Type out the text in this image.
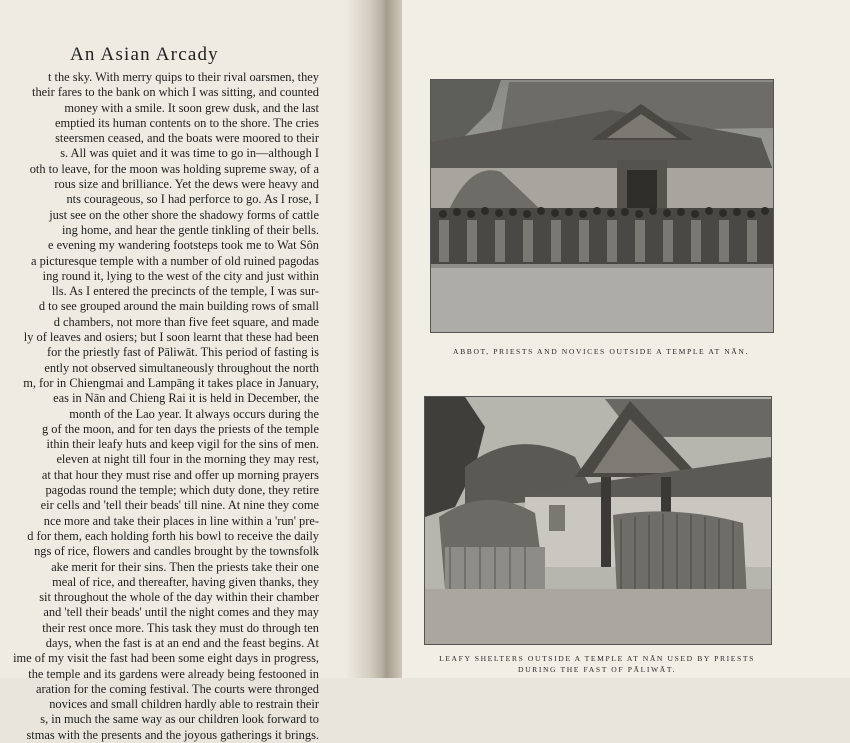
An Asian Arcady
t the sky. With merry quips to their rival oarsmen, they
their fares to the bank on which I was sitting, and counted
money with a smile. It soon grew dusk, and the last
emptied its human contents on to the shore. The cries
steersmen ceased, and the boats were moored to their
s. All was quiet and it was time to go in—although I
oth to leave, for the moon was holding supreme sway, of a
rous size and brilliance. Yet the dews were heavy and
nts courageous, so I had perforce to go. As I rose, I
just see on the other shore the shadowy forms of cattle
ing home, and hear the gentle tinkling of their bells.
e evening my wandering footsteps took me to Wat Sôn
a picturesque temple with a number of old ruined pagodas
ing round it, lying to the west of the city and just within
lls. As I entered the precincts of the temple, I was sur-
d to see grouped around the main building rows of small
d chambers, not more than five feet square, and made
ly of leaves and osiers; but I soon learnt that these had been
for the priestly fast of Pāliwāt. This period of fasting is
ently not observed simultaneously throughout the north
m, for in Chiengmai and Lampāng it takes place in January,
eas in Nān and Chieng Rai it is held in December, the
month of the Lao year. It always occurs during the
g of the moon, and for ten days the priests of the temple
ithin their leafy huts and keep vigil for the sins of men.
eleven at night till four in the morning they may rest,
at that hour they must rise and offer up morning prayers
pagodas round the temple; which duty done, they retire
eir cells and 'tell their beads' till nine. At nine they come
nce more and take their places in line within a 'run' pre-
d for them, each holding forth his bowl to receive the daily
ngs of rice, flowers and candles brought by the townsfolk
ake merit for their sins. Then the priests take their one
meal of rice, and thereafter, having given thanks, they
sit throughout the whole of the day within their chamber
and 'tell their beads' until the night comes and they may
their rest once more. This task they must do through ten
days, when the fast is at an end and the feast begins. At
ime of my visit the fast had been some eight days in progress,
the temple and its gardens were already being festooned in
aration for the coming festival. The courts were thronged
novices and small children hardly able to restrain their
s, in much the same way as our children look forward to
stmas with the presents and the joyous gatherings it brings.
ABBOT, PRIESTS AND NOVICES OUTSIDE A TEMPLE AT NĀN.
LEAFY SHELTERS OUTSIDE A TEMPLE AT NĀN USED BY PRIESTS
DURING THE FAST OF PĀLIWĀT.
